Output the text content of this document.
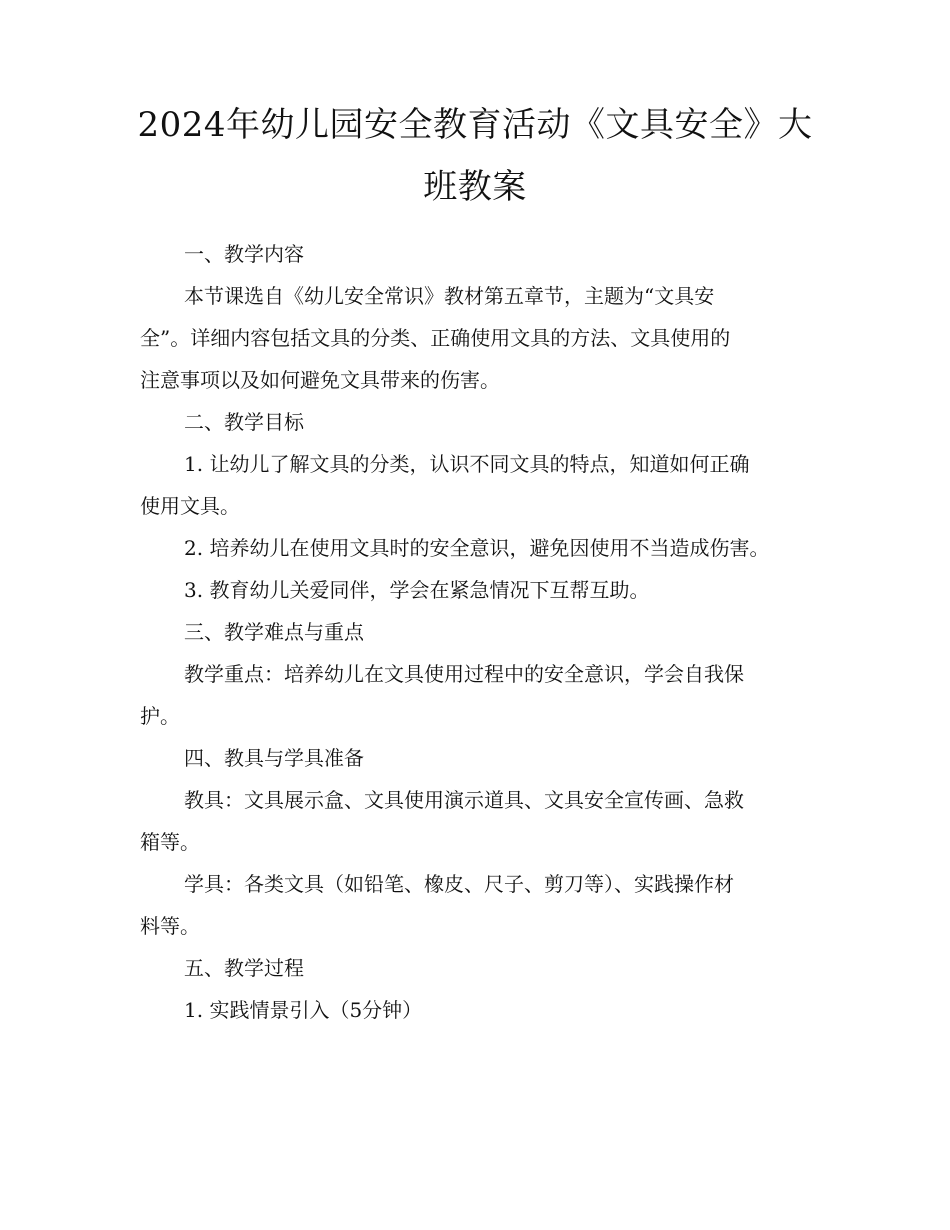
2024年幼儿园安全教育活动《文具安全》大
班教案
一、教学内容
本节课选自《幼儿安全常识》教材第五章节，主题为“文具安
全”。详细内容包括文具的分类、正确使用文具的方法、文具使用的
注意事项以及如何避免文具带来的伤害。
二、教学目标
1. 让幼儿了解文具的分类，认识不同文具的特点，知道如何正确
使用文具。
2. 培养幼儿在使用文具时的安全意识，避免因使用不当造成伤害。
3. 教育幼儿关爱同伴，学会在紧急情况下互帮互助。
三、教学难点与重点
教学重点：培养幼儿在文具使用过程中的安全意识，学会自我保
护。
四、教具与学具准备
教具：文具展示盒、文具使用演示道具、文具安全宣传画、急救
箱等。
学具：各类文具（如铅笔、橡皮、尺子、剪刀等）、实践操作材
料等。
五、教学过程
1. 实践情景引入（5分钟）
